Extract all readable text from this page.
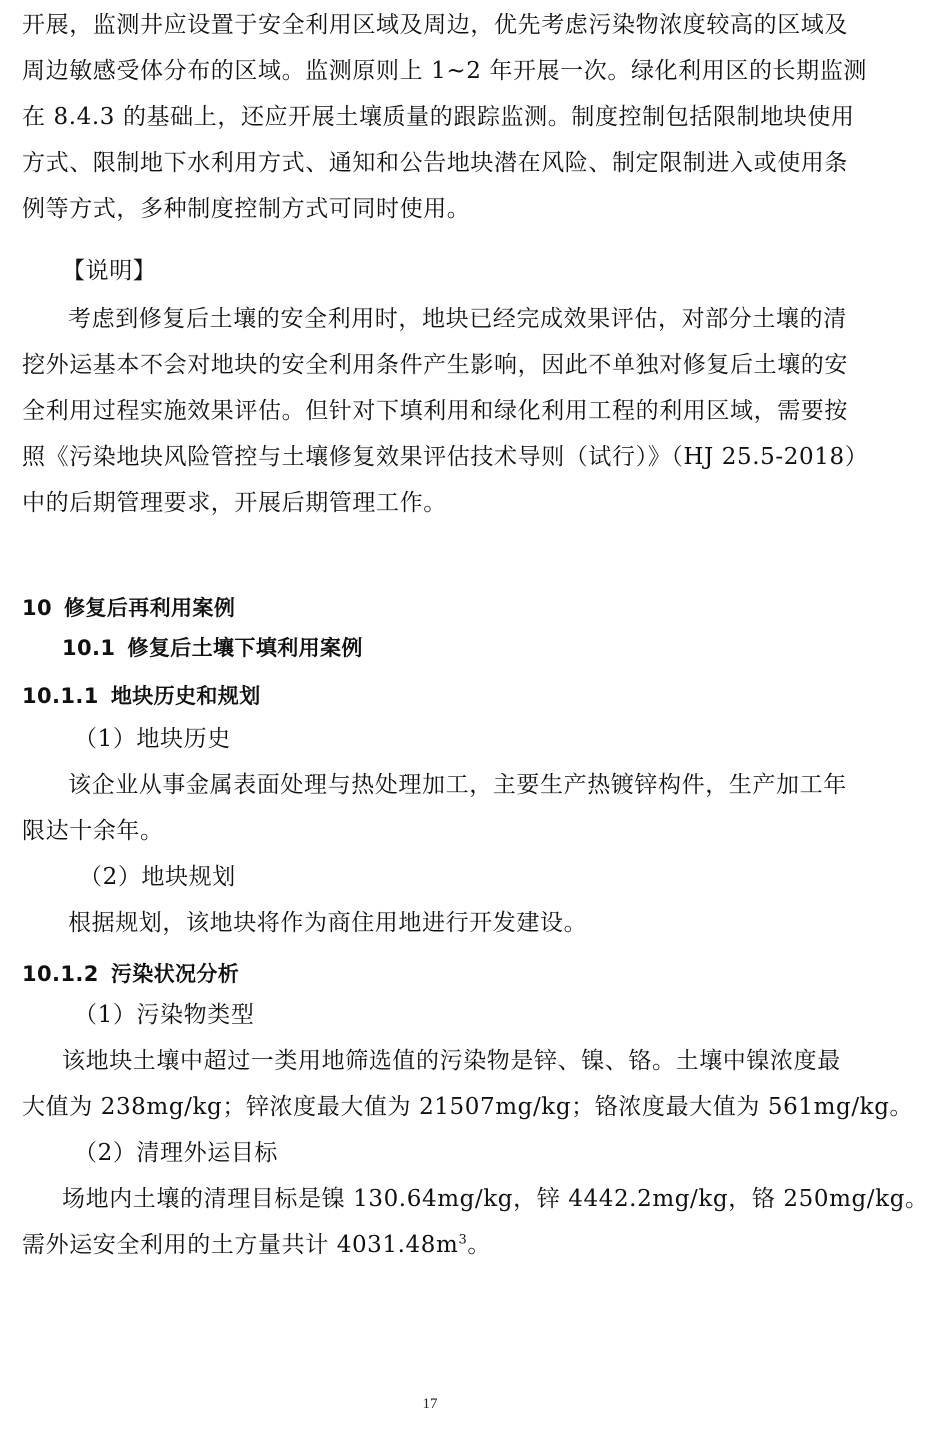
开展，监测井应设置于安全利用区域及周边，优先考虑污染物浓度较高的区域及
周边敏感受体分布的区域。监测原则上 1~2 年开展一次。绿化利用区的长期监测
在 8.4.3 的基础上，还应开展土壤质量的跟踪监测。制度控制包括限制地块使用
方式、限制地下水利用方式、通知和公告地块潜在风险、制定限制进入或使用条
例等方式，多种制度控制方式可同时使用。
【说明】
考虑到修复后土壤的安全利用时，地块已经完成效果评估，对部分土壤的清
挖外运基本不会对地块的安全利用条件产生影响，因此不单独对修复后土壤的安
全利用过程实施效果评估。但针对下填利用和绿化利用工程的利用区域，需要按
照《污染地块风险管控与土壤修复效果评估技术导则（试行）》（HJ 25.5-2018）
中的后期管理要求，开展后期管理工作。
10 修复后再利用案例
10.1 修复后土壤下填利用案例
10.1.1 地块历史和规划
（1）地块历史
该企业从事金属表面处理与热处理加工，主要生产热镀锌构件，生产加工年
限达十余年。
（2）地块规划
根据规划，该地块将作为商住用地进行开发建设。
10.1.2 污染状况分析
（1）污染物类型
该地块土壤中超过一类用地筛选值的污染物是锌、镍、铬。土壤中镍浓度最
大值为 238mg/kg；锌浓度最大值为 21507mg/kg；铬浓度最大值为 561mg/kg。
（2）清理外运目标
场地内土壤的清理目标是镍 130.64mg/kg，锌 4442.2mg/kg，铬 250mg/kg。
需外运安全利用的土方量共计 $4031.48m^3$。
17
